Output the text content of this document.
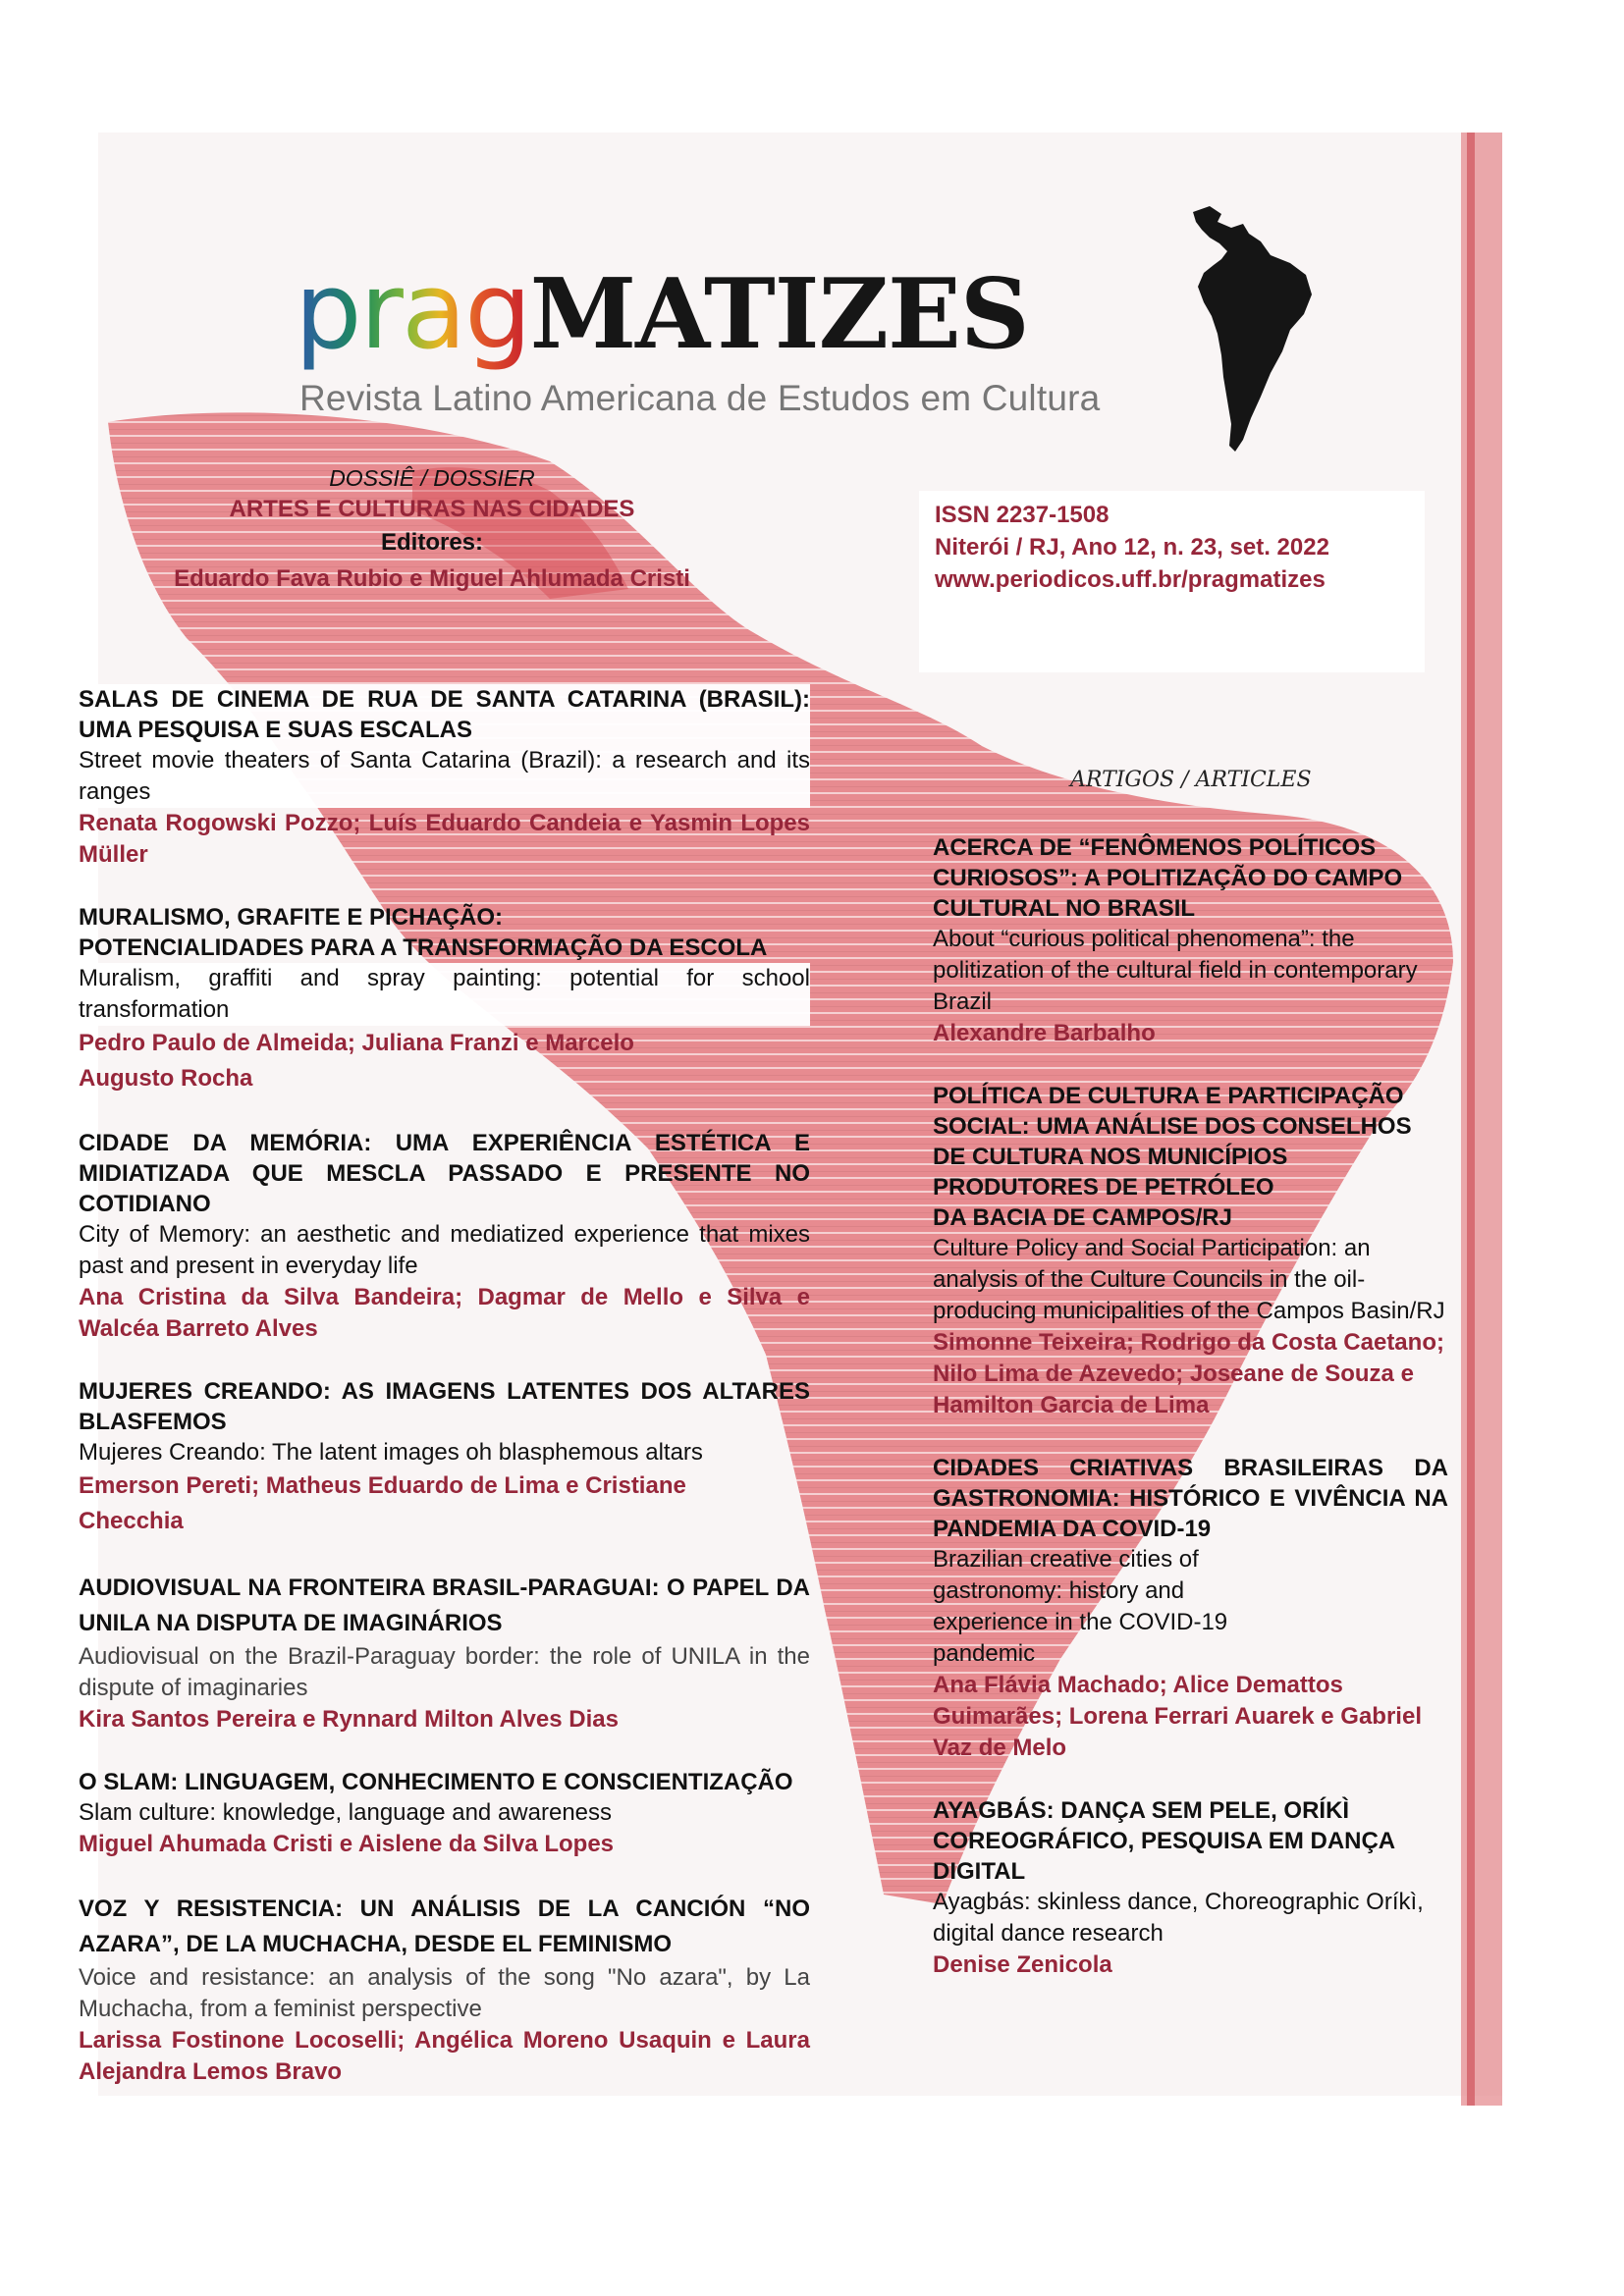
pragMATIZES
Revista Latino Americana de Estudos em Cultura
DOSSIÊ / DOSSIER
ARTES E CULTURAS NAS CIDADES
Editores:
Eduardo Fava Rubio e Miguel Ahlumada Cristi
ISSN 2237-1508
Niterói / RJ, Ano 12, n. 23, set. 2022
www.periodicos.uff.br/pragmatizes
ARTIGOS / ARTICLES
SALAS DE CINEMA DE RUA DE SANTA CATARINA (BRASIL): UMA PESQUISA E SUAS ESCALAS
Street movie theaters of Santa Catarina (Brazil): a research and its ranges
Renata Rogowski Pozzo; Luís Eduardo Candeia e Yasmin Lopes Müller
MURALISMO, GRAFITE E PICHAÇÃO:
POTENCIALIDADES PARA A TRANSFORMAÇÃO DA ESCOLA
Muralism, graffiti and spray painting: potential for school transformation
Pedro Paulo de Almeida; Juliana Franzi e Marcelo
Augusto Rocha
CIDADE DA MEMÓRIA: UMA EXPERIÊNCIA ESTÉTICA E MIDIATIZADA QUE MESCLA PASSADO E PRESENTE NO COTIDIANO
City of Memory: an aesthetic and mediatized experience that mixes past and present in everyday life
Ana Cristina da Silva Bandeira; Dagmar de Mello e Silva e Walcéa Barreto Alves
MUJERES CREANDO: AS IMAGENS LATENTES DOS ALTARES BLASFEMOS
Mujeres Creando: The latent images oh blasphemous altars
Emerson Pereti; Matheus Eduardo de Lima e Cristiane
Checchia
AUDIOVISUAL NA FRONTEIRA BRASIL-PARAGUAI: O PAPEL DA UNILA NA DISPUTA DE IMAGINÁRIOS
Audiovisual on the Brazil-Paraguay border: the role of UNILA in the dispute of imaginaries
Kira Santos Pereira e Rynnard Milton Alves Dias
O SLAM: LINGUAGEM, CONHECIMENTO E CONSCIENTIZAÇÃO
Slam culture: knowledge, language and awareness
Miguel Ahumada Cristi e Aislene da Silva Lopes
VOZ Y RESISTENCIA: UN ANÁLISIS DE LA CANCIÓN “NO AZARA”, DE LA MUCHACHA, DESDE EL FEMINISMO
Voice and resistance: an analysis of the song "No azara", by La Muchacha, from a feminist perspective
Larissa Fostinone Locoselli; Angélica Moreno Usaquin e Laura Alejandra Lemos Bravo
ACERCA DE “FENÔMENOS POLÍTICOS CURIOSOS”: A POLITIZAÇÃO DO CAMPO CULTURAL NO BRASIL
About “curious political phenomena”: the politization of the cultural field in contemporary Brazil
Alexandre Barbalho
POLÍTICA DE CULTURA E PARTICIPAÇÃO SOCIAL: UMA ANÁLISE DOS CONSELHOS DE CULTURA NOS MUNICÍPIOS PRODUTORES DE PETRÓLEO
DA BACIA DE CAMPOS/RJ
Culture Policy and Social Participation: an analysis of the Culture Councils in the oil-producing municipalities of the Campos Basin/RJ
Simonne Teixeira; Rodrigo da Costa Caetano; Nilo Lima de Azevedo; Joseane de Souza e Hamilton Garcia de Lima
CIDADES CRIATIVAS BRASILEIRAS DA GASTRONOMIA: HISTÓRICO E VIVÊNCIA NA PANDEMIA DA COVID-19
Brazilian creative cities of
gastronomy: history and
experience in the COVID-19
pandemic
Ana Flávia Machado; Alice Demattos Guimarães; Lorena Ferrari Auarek e Gabriel Vaz de Melo
AYAGBÁS: DANÇA SEM PELE, ORÍKÌ COREOGRÁFICO, PESQUISA EM DANÇA DIGITAL
Ayagbás: skinless dance, Choreographic Oríkì, digital dance research
Denise Zenicola
